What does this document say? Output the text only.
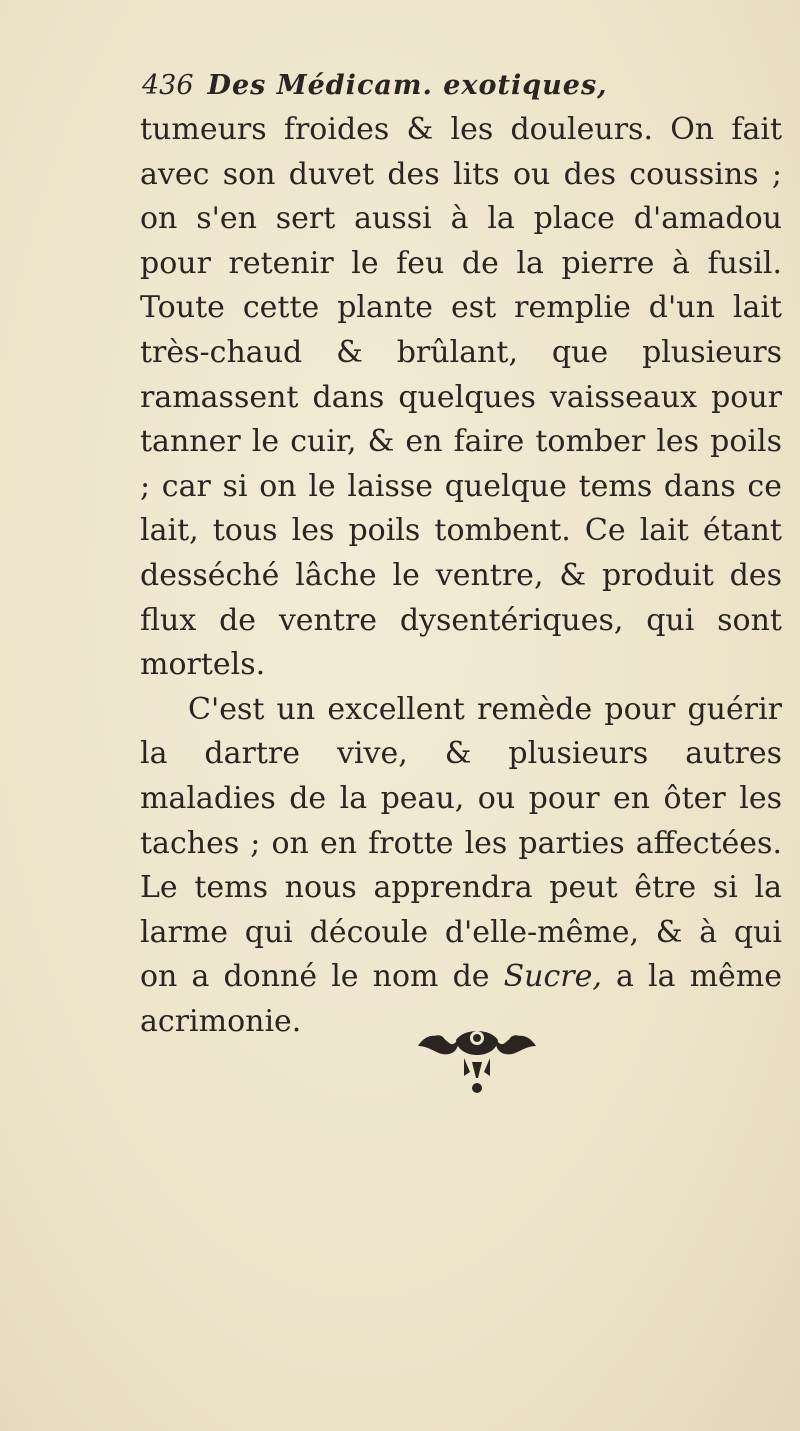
436 Des Médicam. exotiques,

tumeurs froides & les douleurs. On fait avec son duvet des lits ou des coussins ; on s'en sert aussi à la place d'amadou pour retenir le feu de la pierre à fusil. Toute cette plante est remplie d'un lait très-chaud & brûlant, que plusieurs ramassent dans quelques vaisseaux pour tanner le cuir, & en faire tomber les poils ; car si on le laisse quelque tems dans ce lait, tous les poils tombent. Ce lait étant desséché lâche le ventre, & produit des flux de ventre dysentériques, qui sont mortels.

C'est un excellent remède pour guérir la dartre vive, & plusieurs autres maladies de la peau, ou pour en ôter les taches ; on en frotte les parties affectées. Le tems nous apprendra peut être si la larme qui découle d'elle-même, & à qui on a donné le nom de Sucre, a la même acrimonie.
